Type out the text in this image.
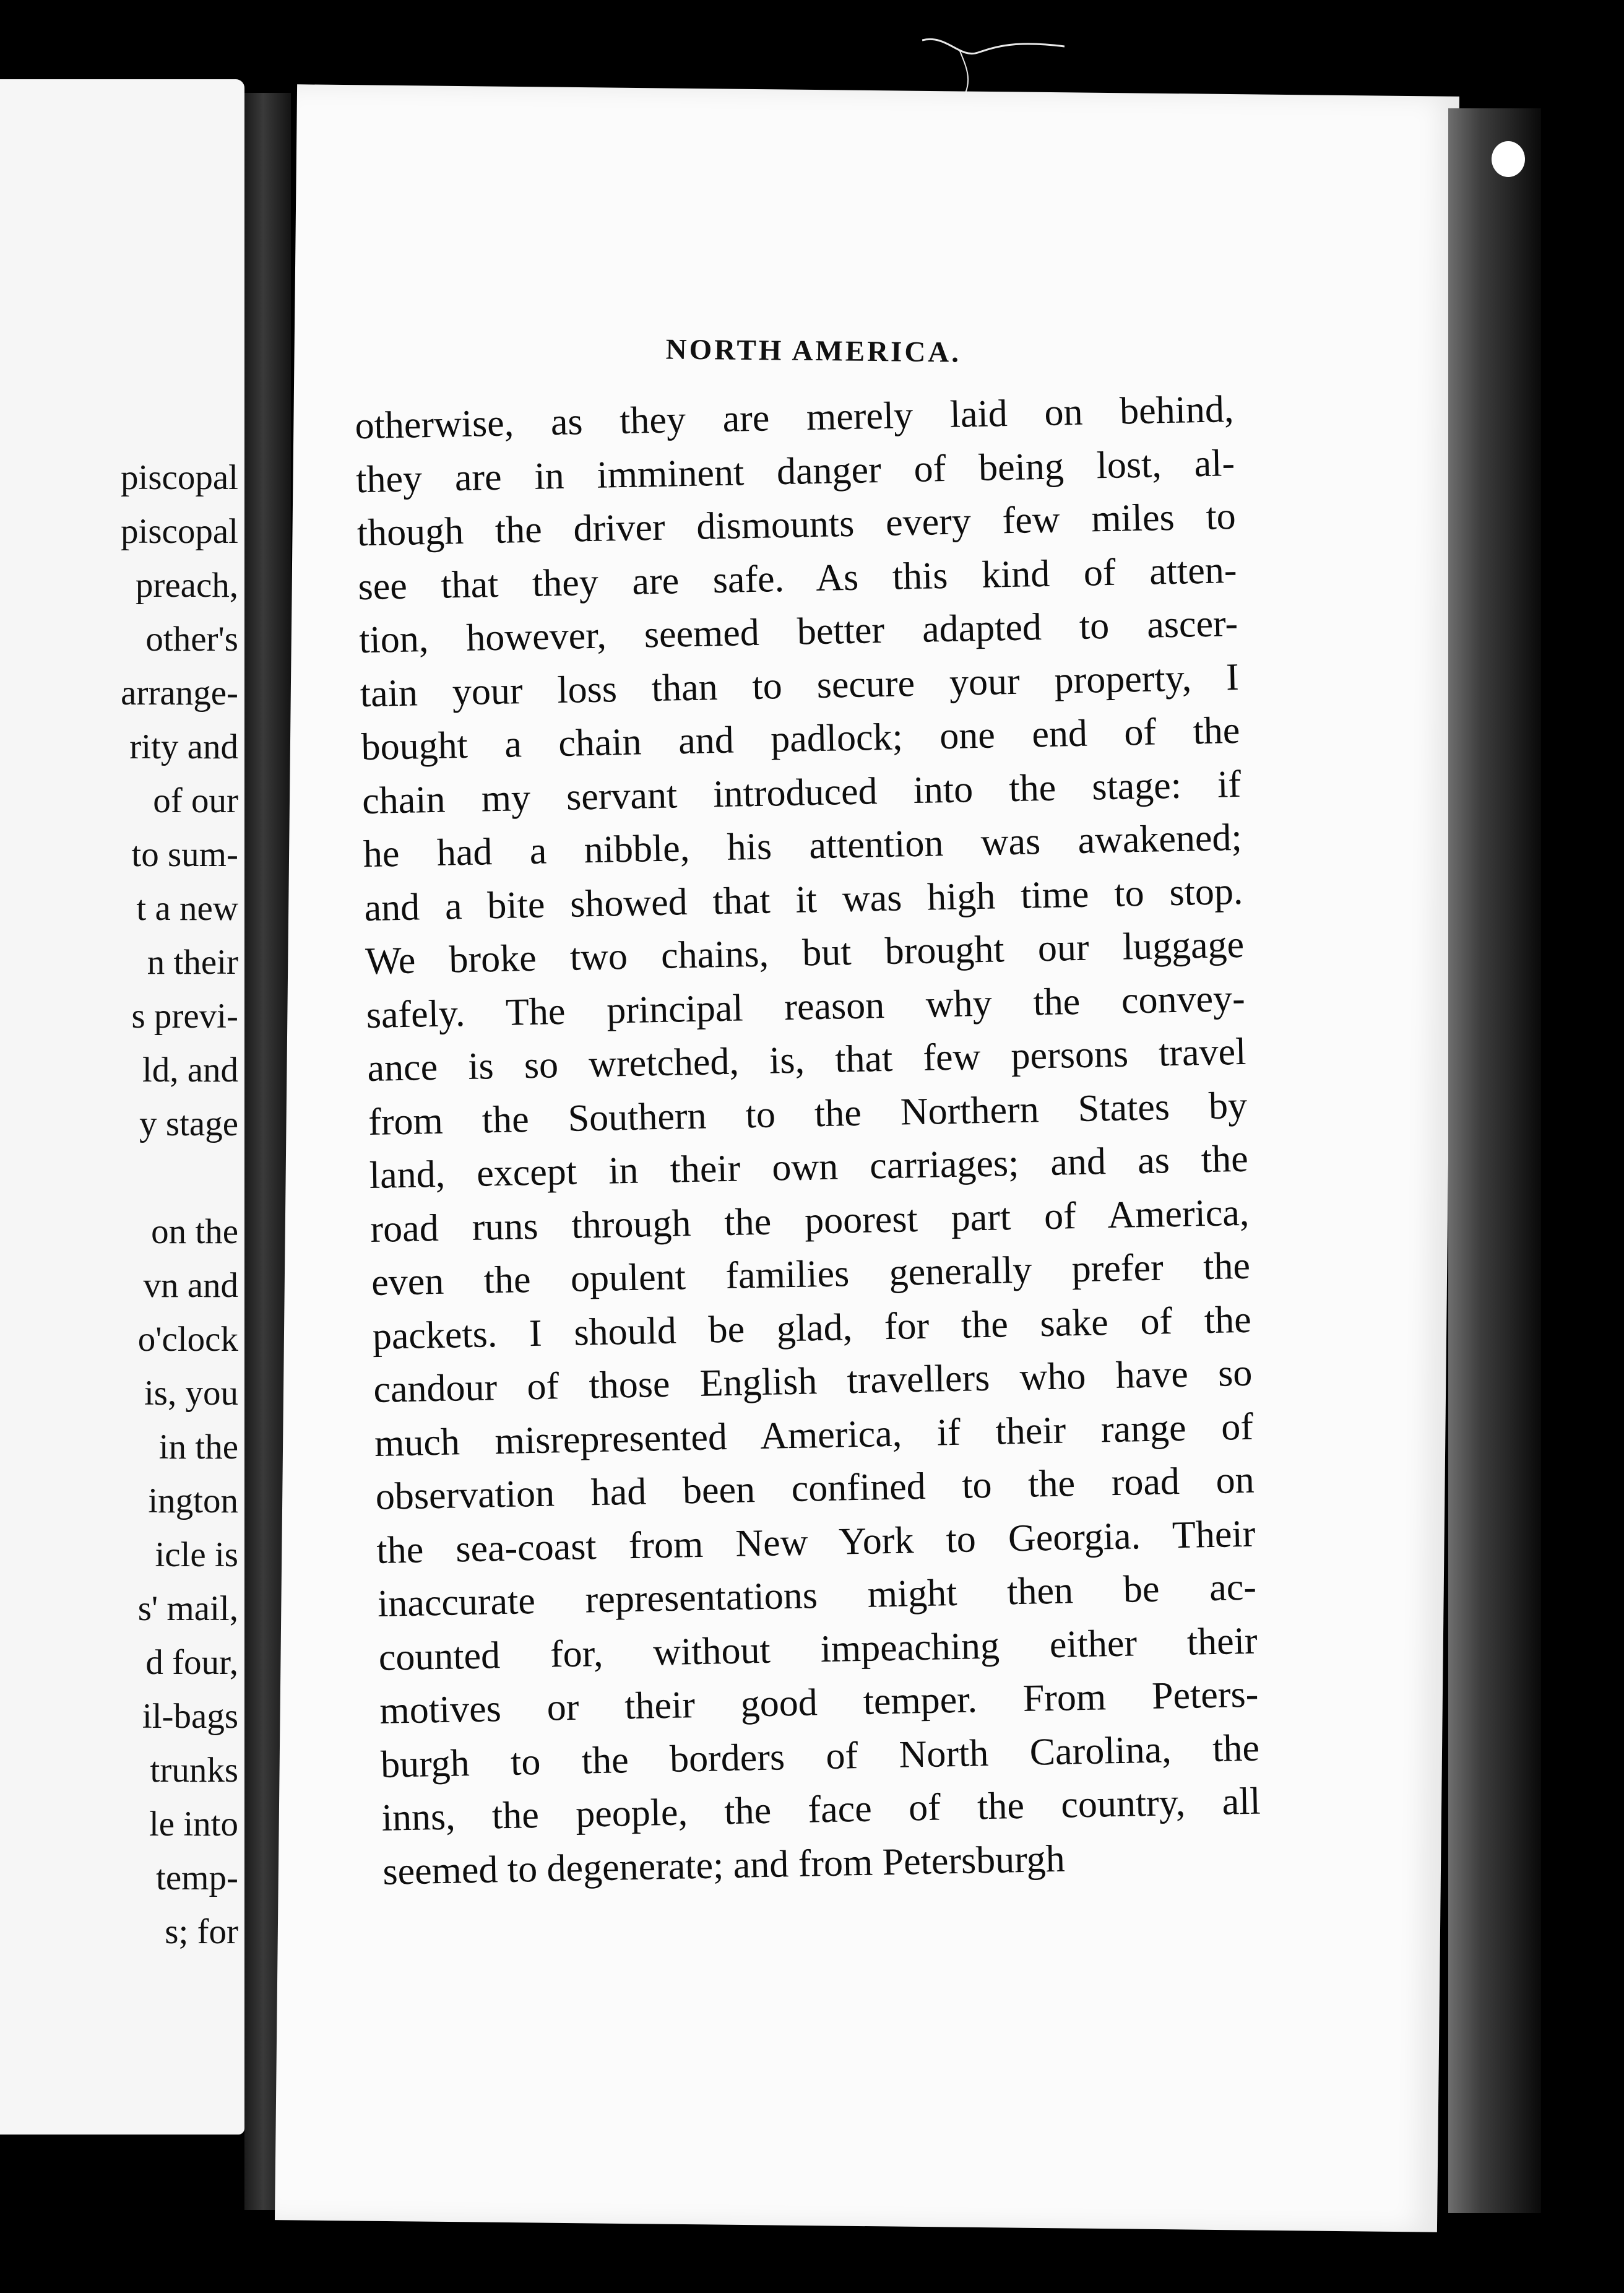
piscopal
piscopal
preach,
other's
arrange-
rity and
of our
to sum-
t a new
n their
s previ-
ld, and
y stage
on the
vn and
o'clock
is, you
in the
ington
icle is
s' mail,
d four,
il-bags
trunks
le into
temp-
s; for
NORTH AMERICA.
otherwise, as they are merely laid on behind,
they are in imminent danger of being lost, al-
though the driver dismounts every few miles to
see that they are safe. As this kind of atten-
tion, however, seemed better adapted to ascer-
tain your loss than to secure your property, I
bought a chain and padlock; one end of the
chain my servant introduced into the stage: if
he had a nibble, his attention was awakened;
and a bite showed that it was high time to stop.
We broke two chains, but brought our luggage
safely. The principal reason why the convey-
ance is so wretched, is, that few persons travel
from the Southern to the Northern States by
land, except in their own carriages; and as the
road runs through the poorest part of America,
even the opulent families generally prefer the
packets. I should be glad, for the sake of the
candour of those English travellers who have so
much misrepresented America, if their range of
observation had been confined to the road on
the sea-coast from New York to Georgia. Their
inaccurate representations might then be ac-
counted for, without impeaching either their
motives or their good temper. From Peters-
burgh to the borders of North Carolina, the
inns, the people, the face of the country, all
seemed to degenerate; and from Petersburgh
